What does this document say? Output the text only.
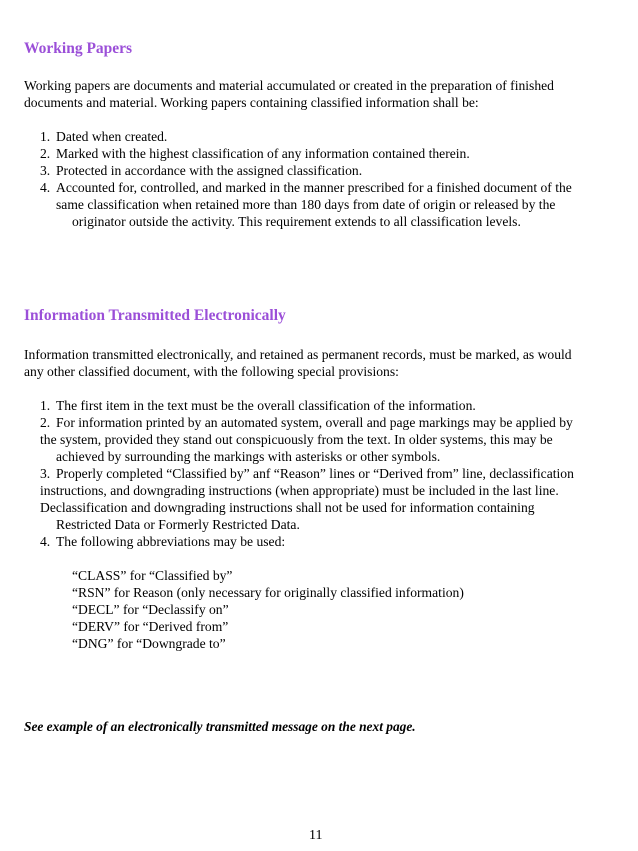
Working Papers
Working papers are documents and material accumulated or created in the preparation of finished
documents and material. Working papers containing classified information shall be:
1. Dated when created.
2. Marked with the highest classification of any information contained therein.
3. Protected in accordance with the assigned classification.
4. Accounted for, controlled, and marked in the manner prescribed for a finished document of the
same classification when retained more than 180 days from date of origin or released by the
originator outside the activity. This requirement extends to all classification levels.
Information Transmitted Electronically
Information transmitted electronically, and retained as permanent records, must be marked, as would
any other classified document, with the following special provisions:
1. The first item in the text must be the overall classification of the information.
2. For information printed by an automated system, overall and page markings may be applied by
the system, provided they stand out conspicuously from the text. In older systems, this may be
achieved by surrounding the markings with asterisks or other symbols.
3. Properly completed “Classified by” anf “Reason” lines or “Derived from” line, declassification
instructions, and downgrading instructions (when appropriate) must be included in the last line.
Declassification and downgrading instructions shall not be used for information containing
Restricted Data or Formerly Restricted Data.
4. The following abbreviations may be used:
“CLASS” for “Classified by”
“RSN” for Reason (only necessary for originally classified information)
“DECL” for “Declassify on”
“DERV” for “Derived from”
“DNG” for “Downgrade to”
See example of an electronically transmitted message on the next page.
11
